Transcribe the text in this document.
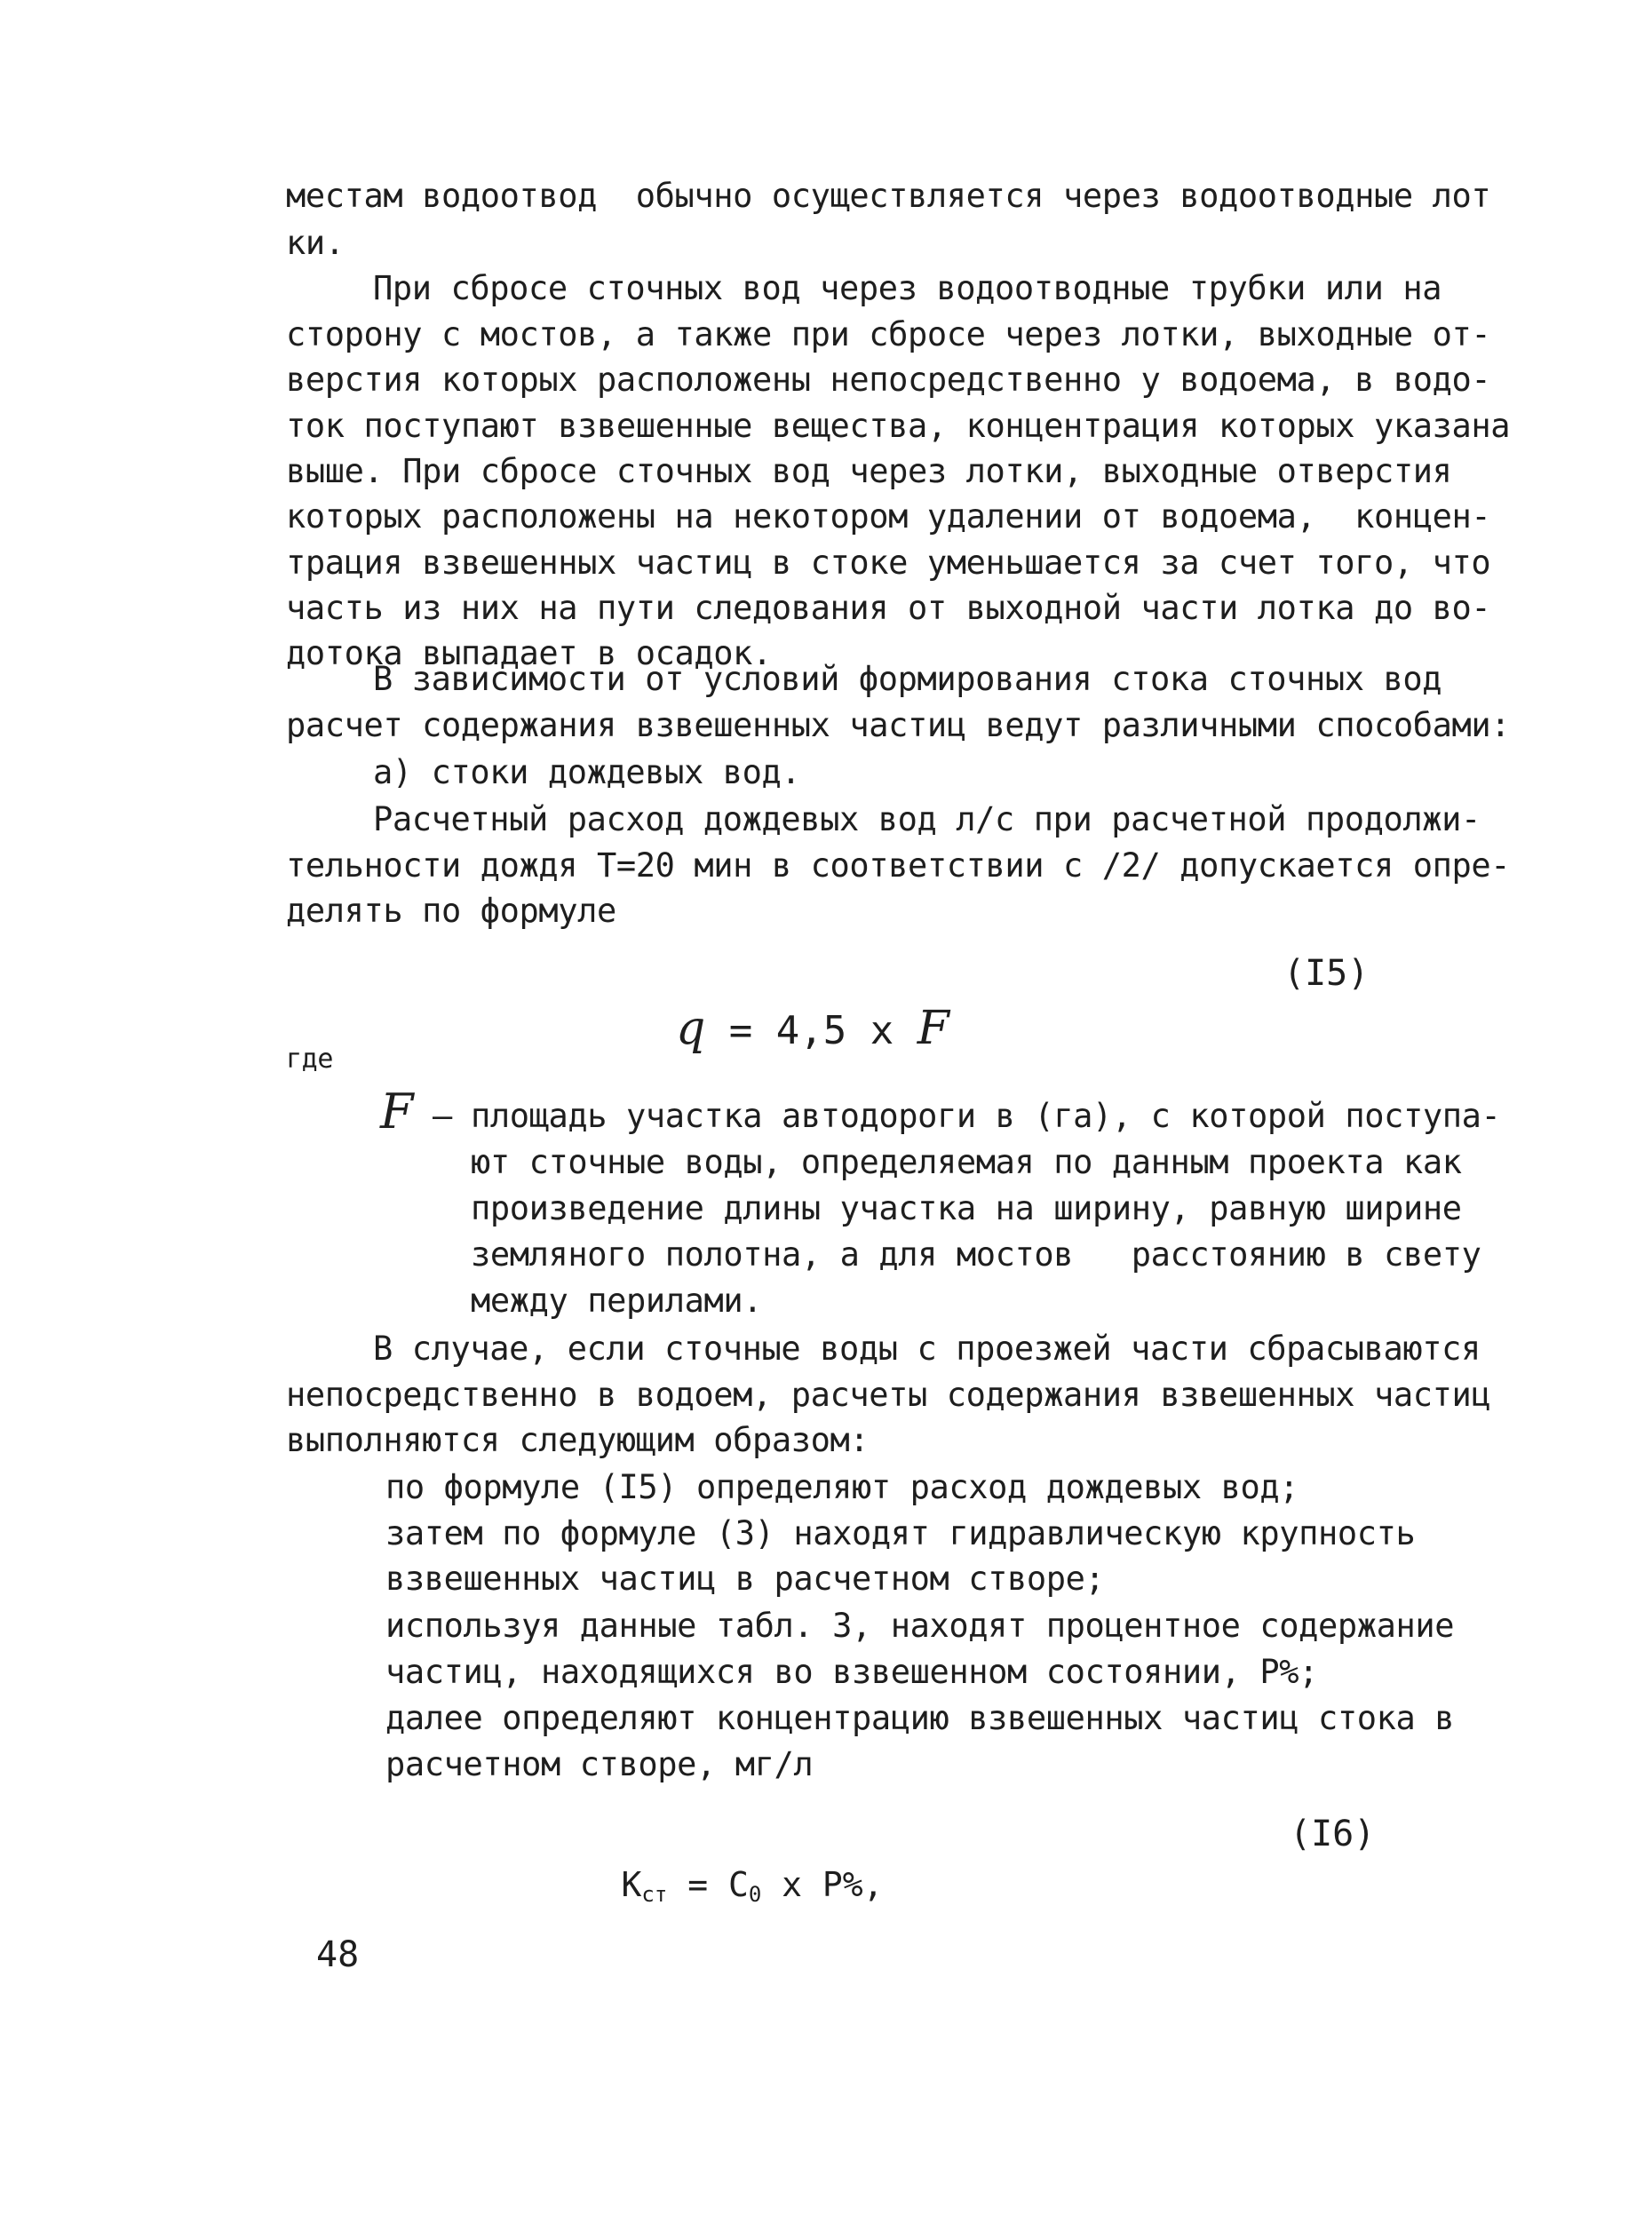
местам водоотвод  обычно осуществляется через водоотводные лот
ки.
При сбросе сточных вод через водоотводные трубки или на
сторону с мостов, а также при сбросе через лотки, выходные от-
верстия которых расположены непосредственно у водоема, в водо-
ток поступают взвешенные вещества, концентрация которых указана
выше. При сбросе сточных вод через лотки, выходные отверстия
которых расположены на некотором удалении от водоема,  концен-
трация взвешенных частиц в стоке уменьшается за счет того, что
часть из них на пути следования от выходной части лотка до во-
дотока выпадает в осадок.
В зависимости от условий формирования стока сточных вод
расчет содержания взвешенных частиц ведут различными способами:
а) стоки дождевых вод.
Расчетный расход дождевых вод л/с при расчетной продолжи-
тельности дождя Т=20 мин в соответствии с /2/ допускается опре-
делять по формуле

q = 4,5 x F

(I5)
где
F – площадь участка автодороги в (га), с которой поступа-
ют сточные воды, определяемая по данным проекта как
произведение длины участка на ширину, равную ширине
земляного полотна, а для мостов   расстоянию в свету
между перилами.
В случае, если сточные воды с проезжей части сбрасываются
непосредственно в водоем, расчеты содержания взвешенных частиц
выполняются следующим образом:
по формуле (I5) определяют расход дождевых вод;
затем по формуле (3) находят гидравлическую крупность
взвешенных частиц в расчетном створе;
используя данные табл. 3, находят процентное содержание
частиц, находящихся во взвешенном состоянии, Р%;
далее определяют концентрацию взвешенных частиц стока в
расчетном створе, мг/л

$К_{ст} = С_0$ х Р%,

(I6)
48
